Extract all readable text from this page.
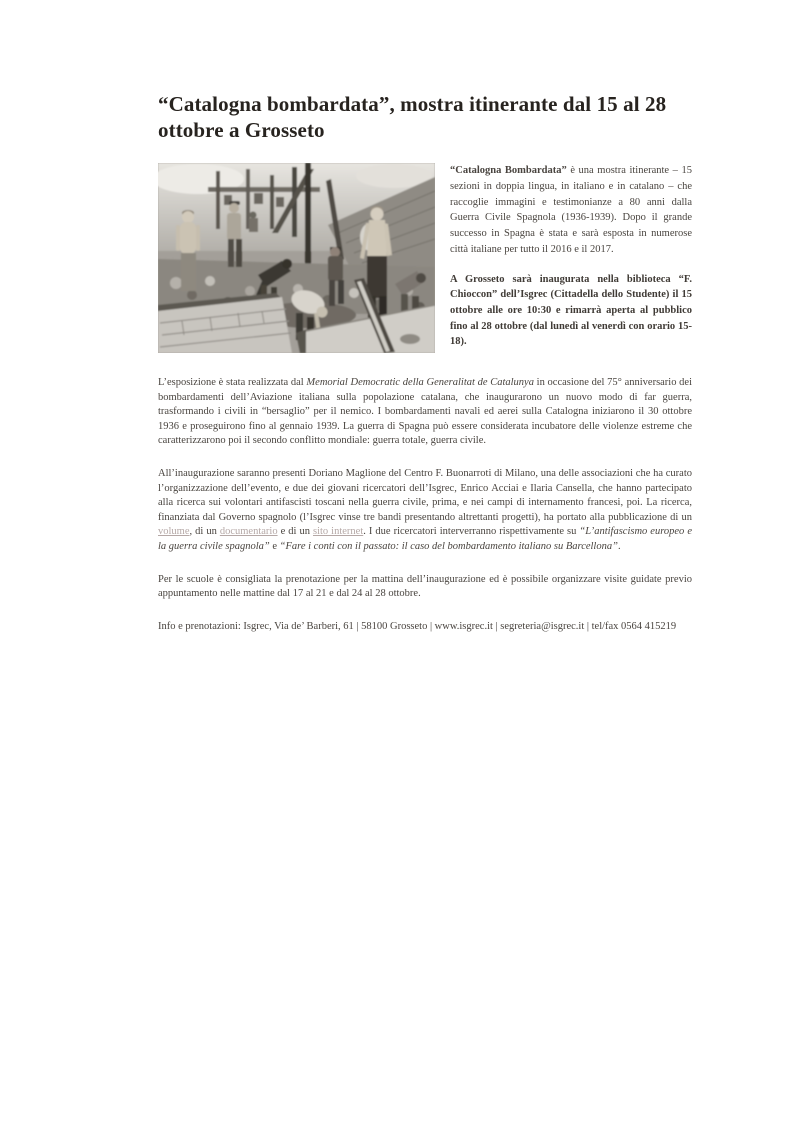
“Catalogna bombardata”, mostra itinerante dal 15 al 28 ottobre a Grosseto

“Catalogna Bombardata” è una mostra itinerante – 15 sezioni in doppia lingua, in italiano e in catalano – che raccoglie immagini e testimonianze a 80 anni dalla Guerra Civile Spagnola (1936-1939). Dopo il grande successo in Spagna è stata e sarà esposta in numerose città italiane per tutto il 2016 e il 2017.

A Grosseto sarà inaugurata nella biblioteca “F. Chioccon” dell’Isgrec (Cittadella dello Studente) il 15 ottobre alle ore 10:30 e rimarrà aperta al pubblico fino al 28 ottobre (dal lunedì al venerdì con orario 15-18).

L’esposizione è stata realizzata dal Memorial Democratic della Generalitat de Catalunya in occasione del 75° anniversario dei bombardamenti dell’Aviazione italiana sulla popolazione catalana, che inaugurarono un nuovo modo di far guerra, trasformando i civili in “bersaglio” per il nemico. I bombardamenti navali ed aerei sulla Catalogna iniziarono il 30 ottobre 1936 e proseguirono fino al gennaio 1939. La guerra di Spagna può essere considerata incubatore delle violenze estreme che caratterizzarono poi il secondo conflitto mondiale: guerra totale, guerra civile.

All’inaugurazione saranno presenti Doriano Maglione del Centro F. Buonarroti di Milano, una delle associazioni che ha curato l’organizzazione dell’evento, e due dei giovani ricercatori dell’Isgrec, Enrico Acciai e Ilaria Cansella, che hanno partecipato alla ricerca sui volontari antifascisti toscani nella guerra civile, prima, e nei campi di internamento francesi, poi. La ricerca, finanziata dal Governo spagnolo (l’Isgrec vinse tre bandi presentando altrettanti progetti), ha portato alla pubblicazione di un volume, di un documentario e di un sito internet. I due ricercatori interverranno rispettivamente su “L’antifascismo europeo e la guerra civile spagnola” e “Fare i conti con il passato: il caso del bombardamento italiano su Barcellona”.

Per le scuole è consigliata la prenotazione per la mattina dell’inaugurazione ed è possibile organizzare visite guidate previo appuntamento nelle mattine dal 17 al 21 e dal 24 al 28 ottobre.

Info e prenotazioni: Isgrec, Via de’ Barberi, 61 | 58100 Grosseto | www.isgrec.it | segreteria@isgrec.it | tel/fax 0564 415219
